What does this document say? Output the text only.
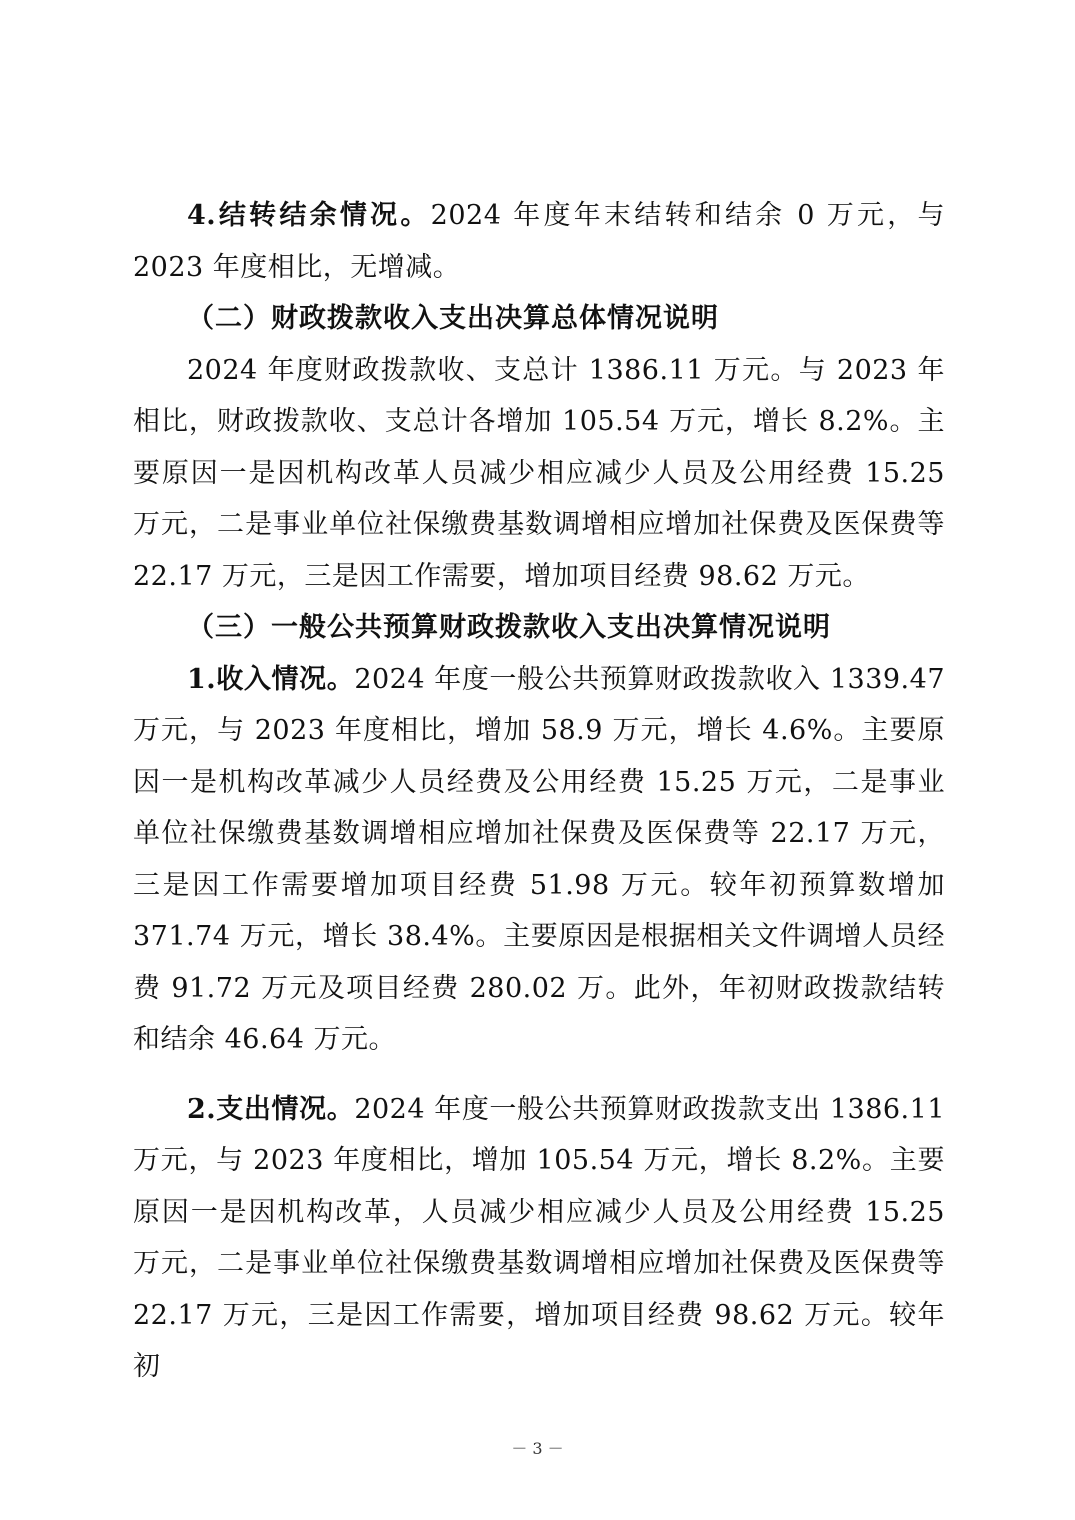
4.结转结余情况。2024 年度年末结转和结余 0 万元，与 2023 年度相比，无增减。

（二）财政拨款收入支出决算总体情况说明

2024 年度财政拨款收、支总计 1386.11 万元。与 2023 年相比，财政拨款收、支总计各增加 105.54 万元，增长 8.2%。主要原因一是因机构改革人员减少相应减少人员及公用经费 15.25 万元，二是事业单位社保缴费基数调增相应增加社保费及医保费等 22.17 万元，三是因工作需要，增加项目经费 98.62 万元。

（三）一般公共预算财政拨款收入支出决算情况说明

1.收入情况。2024 年度一般公共预算财政拨款收入 1339.47 万元，与 2023 年度相比，增加 58.9 万元，增长 4.6%。主要原因一是机构改革减少人员经费及公用经费 15.25 万元，二是事业单位社保缴费基数调增相应增加社保费及医保费等 22.17 万元，三是因工作需要增加项目经费 51.98 万元。较年初预算数增加 371.74 万元，增长 38.4%。主要原因是根据相关文件调增人员经费 91.72 万元及项目经费 280.02 万。此外，年初财政拨款结转和结余 46.64 万元。

2.支出情况。2024 年度一般公共预算财政拨款支出 1386.11 万元，与 2023 年度相比，增加 105.54 万元，增长 8.2%。主要原因一是因机构改革，人员减少相应减少人员及公用经费 15.25 万元，二是事业单位社保缴费基数调增相应增加社保费及医保费等 22.17 万元，三是因工作需要，增加项目经费 98.62 万元。较年初

－ 3 －
